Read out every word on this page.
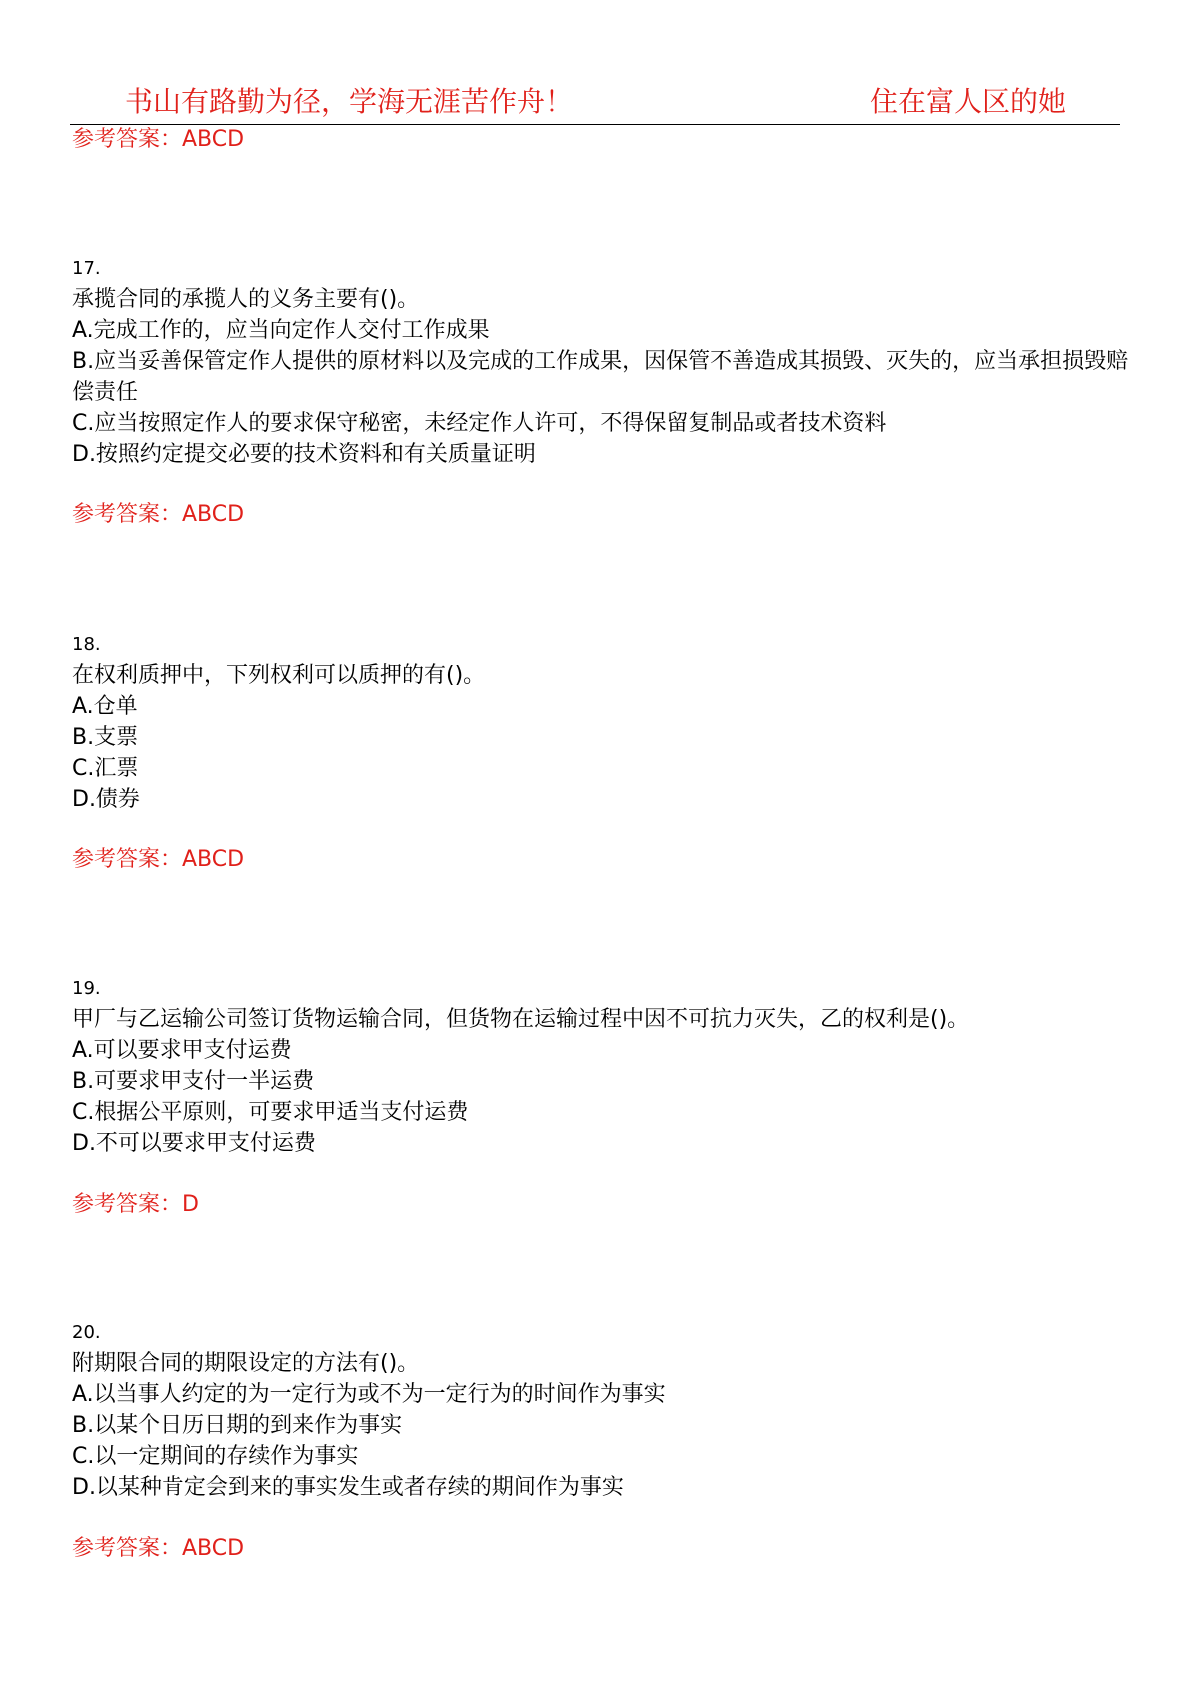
书山有路勤为径，学海无涯苦作舟！	住在富人区的她
参考答案：ABCD
17.
承揽合同的承揽人的义务主要有()。
A.完成工作的，应当向定作人交付工作成果
B.应当妥善保管定作人提供的原材料以及完成的工作成果，因保管不善造成其损毁、灭失的，应当承担损毁赔偿责任
C.应当按照定作人的要求保守秘密，未经定作人许可，不得保留复制品或者技术资料
D.按照约定提交必要的技术资料和有关质量证明
参考答案：ABCD
18.
在权利质押中，下列权利可以质押的有()。
A.仓单
B.支票
C.汇票
D.债券
参考答案：ABCD
19.
甲厂与乙运输公司签订货物运输合同，但货物在运输过程中因不可抗力灭失，乙的权利是()。
A.可以要求甲支付运费
B.可要求甲支付一半运费
C.根据公平原则，可要求甲适当支付运费
D.不可以要求甲支付运费
参考答案：D
20.
附期限合同的期限设定的方法有()。
A.以当事人约定的为一定行为或不为一定行为的时间作为事实
B.以某个日历日期的到来作为事实
C.以一定期间的存续作为事实
D.以某种肯定会到来的事实发生或者存续的期间作为事实
参考答案：ABCD
